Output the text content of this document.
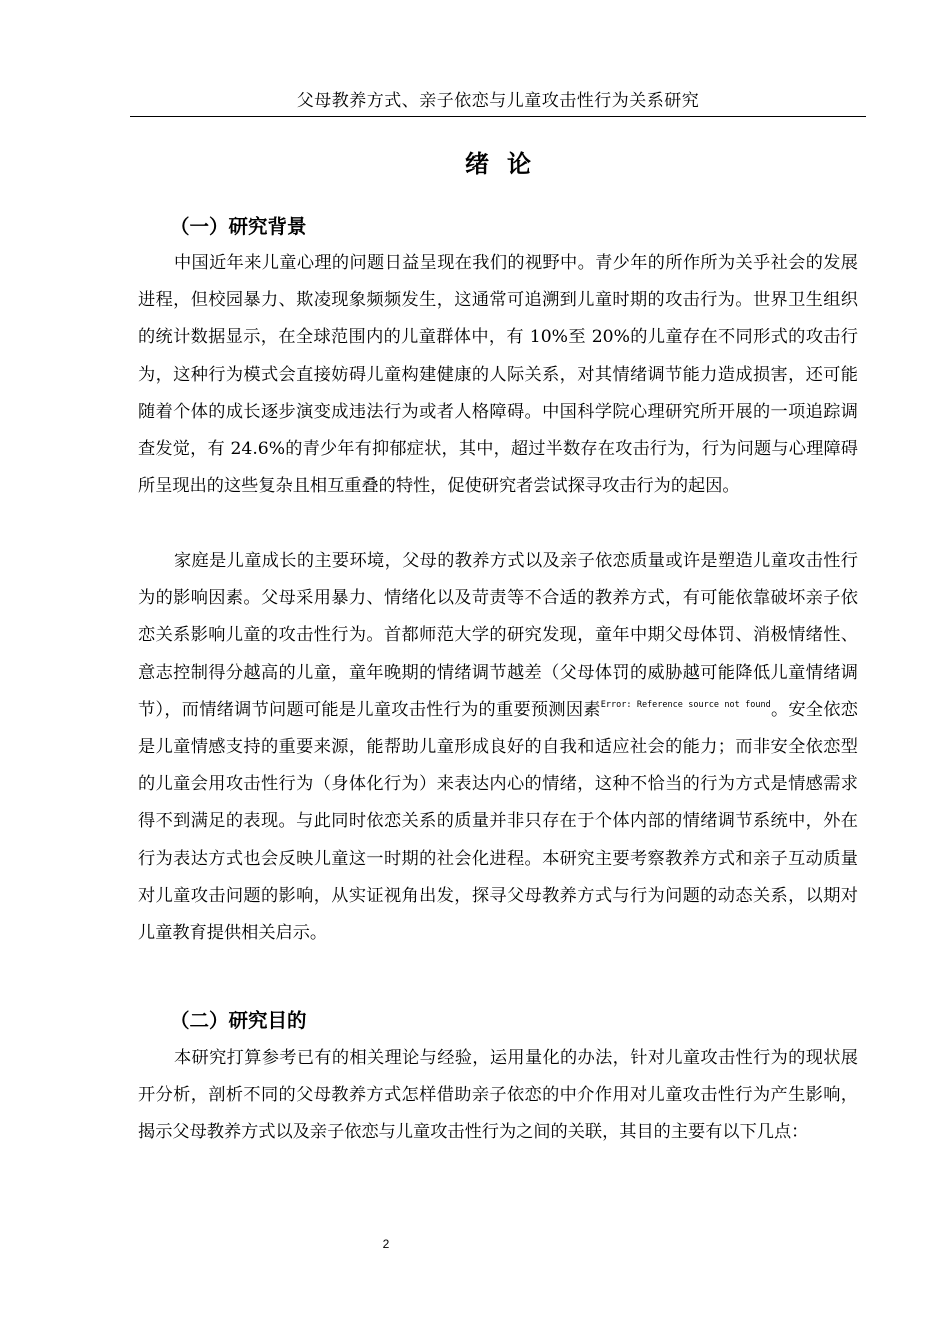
父母教养方式、亲子依恋与儿童攻击性行为关系研究
绪论
（一）研究背景

中国近年来儿童心理的问题日益呈现在我们的视野中。青少年的所作所为关乎社会的发展进程，但校园暴力、欺凌现象频频发生，这通常可追溯到儿童时期的攻击行为。世界卫生组织的统计数据显示，在全球范围内的儿童群体中，有 10%至 20%的儿童存在不同形式的攻击行为，这种行为模式会直接妨碍儿童构建健康的人际关系，对其情绪调节能力造成损害，还可能随着个体的成长逐步演变成违法行为或者人格障碍。中国科学院心理研究所开展的一项追踪调查发觉，有 24.6%的青少年有抑郁症状，其中，超过半数存在攻击行为，行为问题与心理障碍所呈现出的这些复杂且相互重叠的特性，促使研究者尝试探寻攻击行为的起因。

家庭是儿童成长的主要环境，父母的教养方式以及亲子依恋质量或许是塑造儿童攻击性行为的影响因素。父母采用暴力、情绪化以及苛责等不合适的教养方式，有可能依靠破坏亲子依恋关系影响儿童的攻击性行为。首都师范大学的研究发现，童年中期父母体罚、消极情绪性、意志控制得分越高的儿童，童年晚期的情绪调节越差（父母体罚的威胁越可能降低儿童情绪调节），而情绪调节问题可能是儿童攻击性行为的重要预测因素$^{Error: Reference source not found}$。安全依恋是儿童情感支持的重要来源，能帮助儿童形成良好的自我和适应社会的能力；而非安全依恋型的儿童会用攻击性行为（身体化行为）来表达内心的情绪，这种不恰当的行为方式是情感需求得不到满足的表现。与此同时依恋关系的质量并非只存在于个体内部的情绪调节系统中，外在行为表达方式也会反映儿童这一时期的社会化进程。本研究主要考察教养方式和亲子互动质量对儿童攻击问题的影响，从实证视角出发，探寻父母教养方式与行为问题的动态关系，以期对儿童教育提供相关启示。

（二）研究目的

本研究打算参考已有的相关理论与经验，运用量化的办法，针对儿童攻击性行为的现状展开分析，剖析不同的父母教养方式怎样借助亲子依恋的中介作用对儿童攻击性行为产生影响，揭示父母教养方式以及亲子依恋与儿童攻击性行为之间的关联，其目的主要有以下几点：

2
